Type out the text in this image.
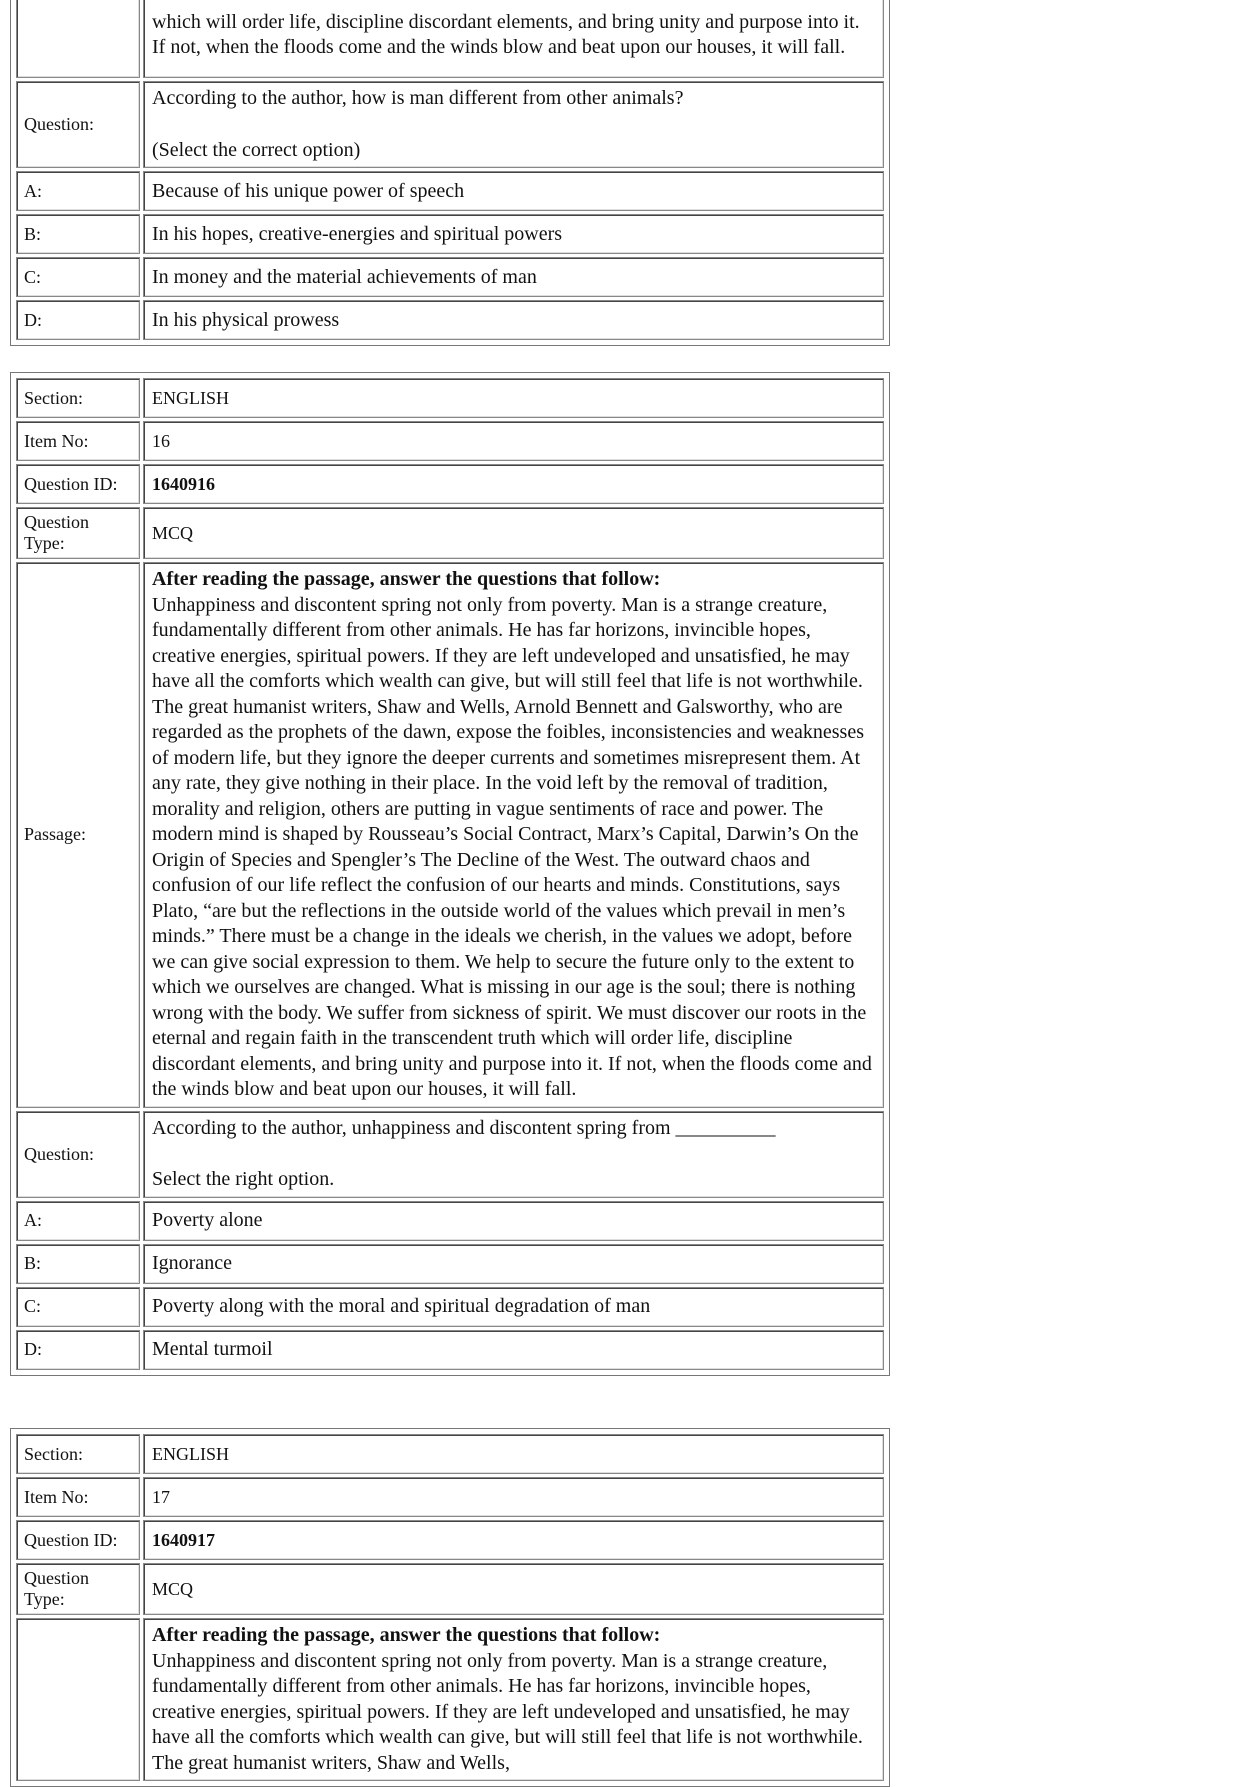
	which will order life, discipline discordant elements, and bring unity and purpose into it. If not, when the floods come and the winds blow and beat upon our houses, it will fall.
Question:	According to the author, how is man different from other animals?
(Select the correct option)

A:	Because of his unique power of speech
B:	In his hopes, creative-energies and spiritual powers
C:	In money and the material achievements of man
D:	In his physical prowess
Section:	ENGLISH
Item No:	16
Question ID:	1640916
Question Type:	MCQ
Passage:	After reading the passage, answer the questions that follow:
Unhappiness and discontent spring not only from poverty. Man is a strange creature, fundamentally different from other animals. He has far horizons, invincible hopes, creative energies, spiritual powers. If they are left undeveloped and unsatisfied, he may have all the comforts which wealth can give, but will still feel that life is not worthwhile. The great humanist writers, Shaw and Wells, Arnold Bennett and Galsworthy, who are regarded as the prophets of the dawn, expose the foibles, inconsistencies and weaknesses of modern life, but they ignore the deeper currents and sometimes misrepresent them. At any rate, they give nothing in their place. In the void left by the removal of tradition, morality and religion, others are putting in vague sentiments of race and power. The modern mind is shaped by Rousseau’s Social Contract, Marx’s Capital, Darwin’s On the Origin of Species and Spengler’s The Decline of the West. The outward chaos and confusion of our life reflect the confusion of our hearts and minds. Constitutions, says Plato, “are but the reflections in the outside world of the values which prevail in men’s minds.” There must be a change in the ideals we cherish, in the values we adopt, before we can give social expression to them. We help to secure the future only to the extent to which we ourselves are changed. What is missing in our age is the soul; there is nothing wrong with the body. We suffer from sickness of spirit. We must discover our roots in the eternal and regain faith in the transcendent truth which will order life, discipline discordant elements, and bring unity and purpose into it. If not, when the floods come and the winds blow and beat upon our houses, it will fall.

Question:	According to the author, unhappiness and discontent spring from __________
Select the right option.

A:	Poverty alone
B:	Ignorance
C:	Poverty along with the moral and spiritual degradation of man
D:	Mental turmoil
Section:	ENGLISH
Item No:	17
Question ID:	1640917
Question Type:	MCQ

	After reading the passage, answer the questions that follow:
Unhappiness and discontent spring not only from poverty. Man is a strange creature, fundamentally different from other animals. He has far horizons, invincible hopes, creative energies, spiritual powers. If they are left undeveloped and unsatisfied, he may have all the comforts which wealth can give, but will still feel that life is not worthwhile. The great humanist writers, Shaw and Wells,
